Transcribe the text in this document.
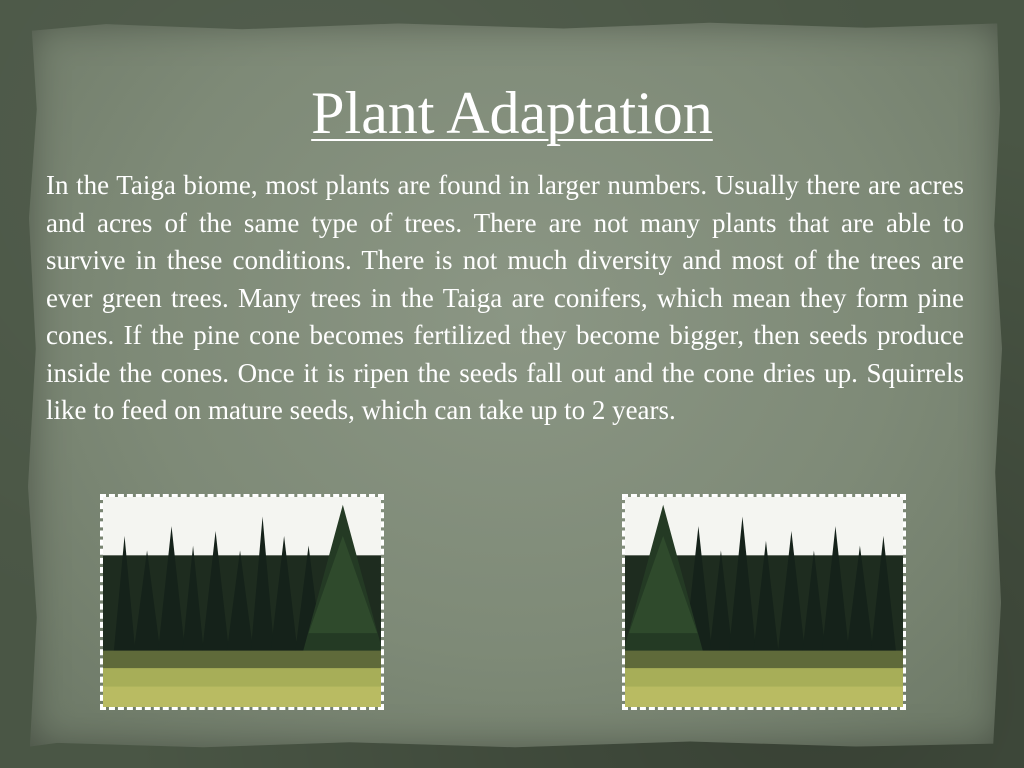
Plant Adaptation
In the Taiga biome, most plants are found in larger numbers. Usually there are acres and acres of the same type of trees. There are not many plants that are able to survive in these conditions. There is not much diversity and most of the trees are ever green trees. Many trees in the Taiga are conifers, which mean they form pine cones. If the pine cone becomes fertilized they become bigger, then seeds produce inside the cones. Once it is ripen the seeds fall out and the cone dries up. Squirrels like to feed on mature seeds, which can take up to 2 years.
